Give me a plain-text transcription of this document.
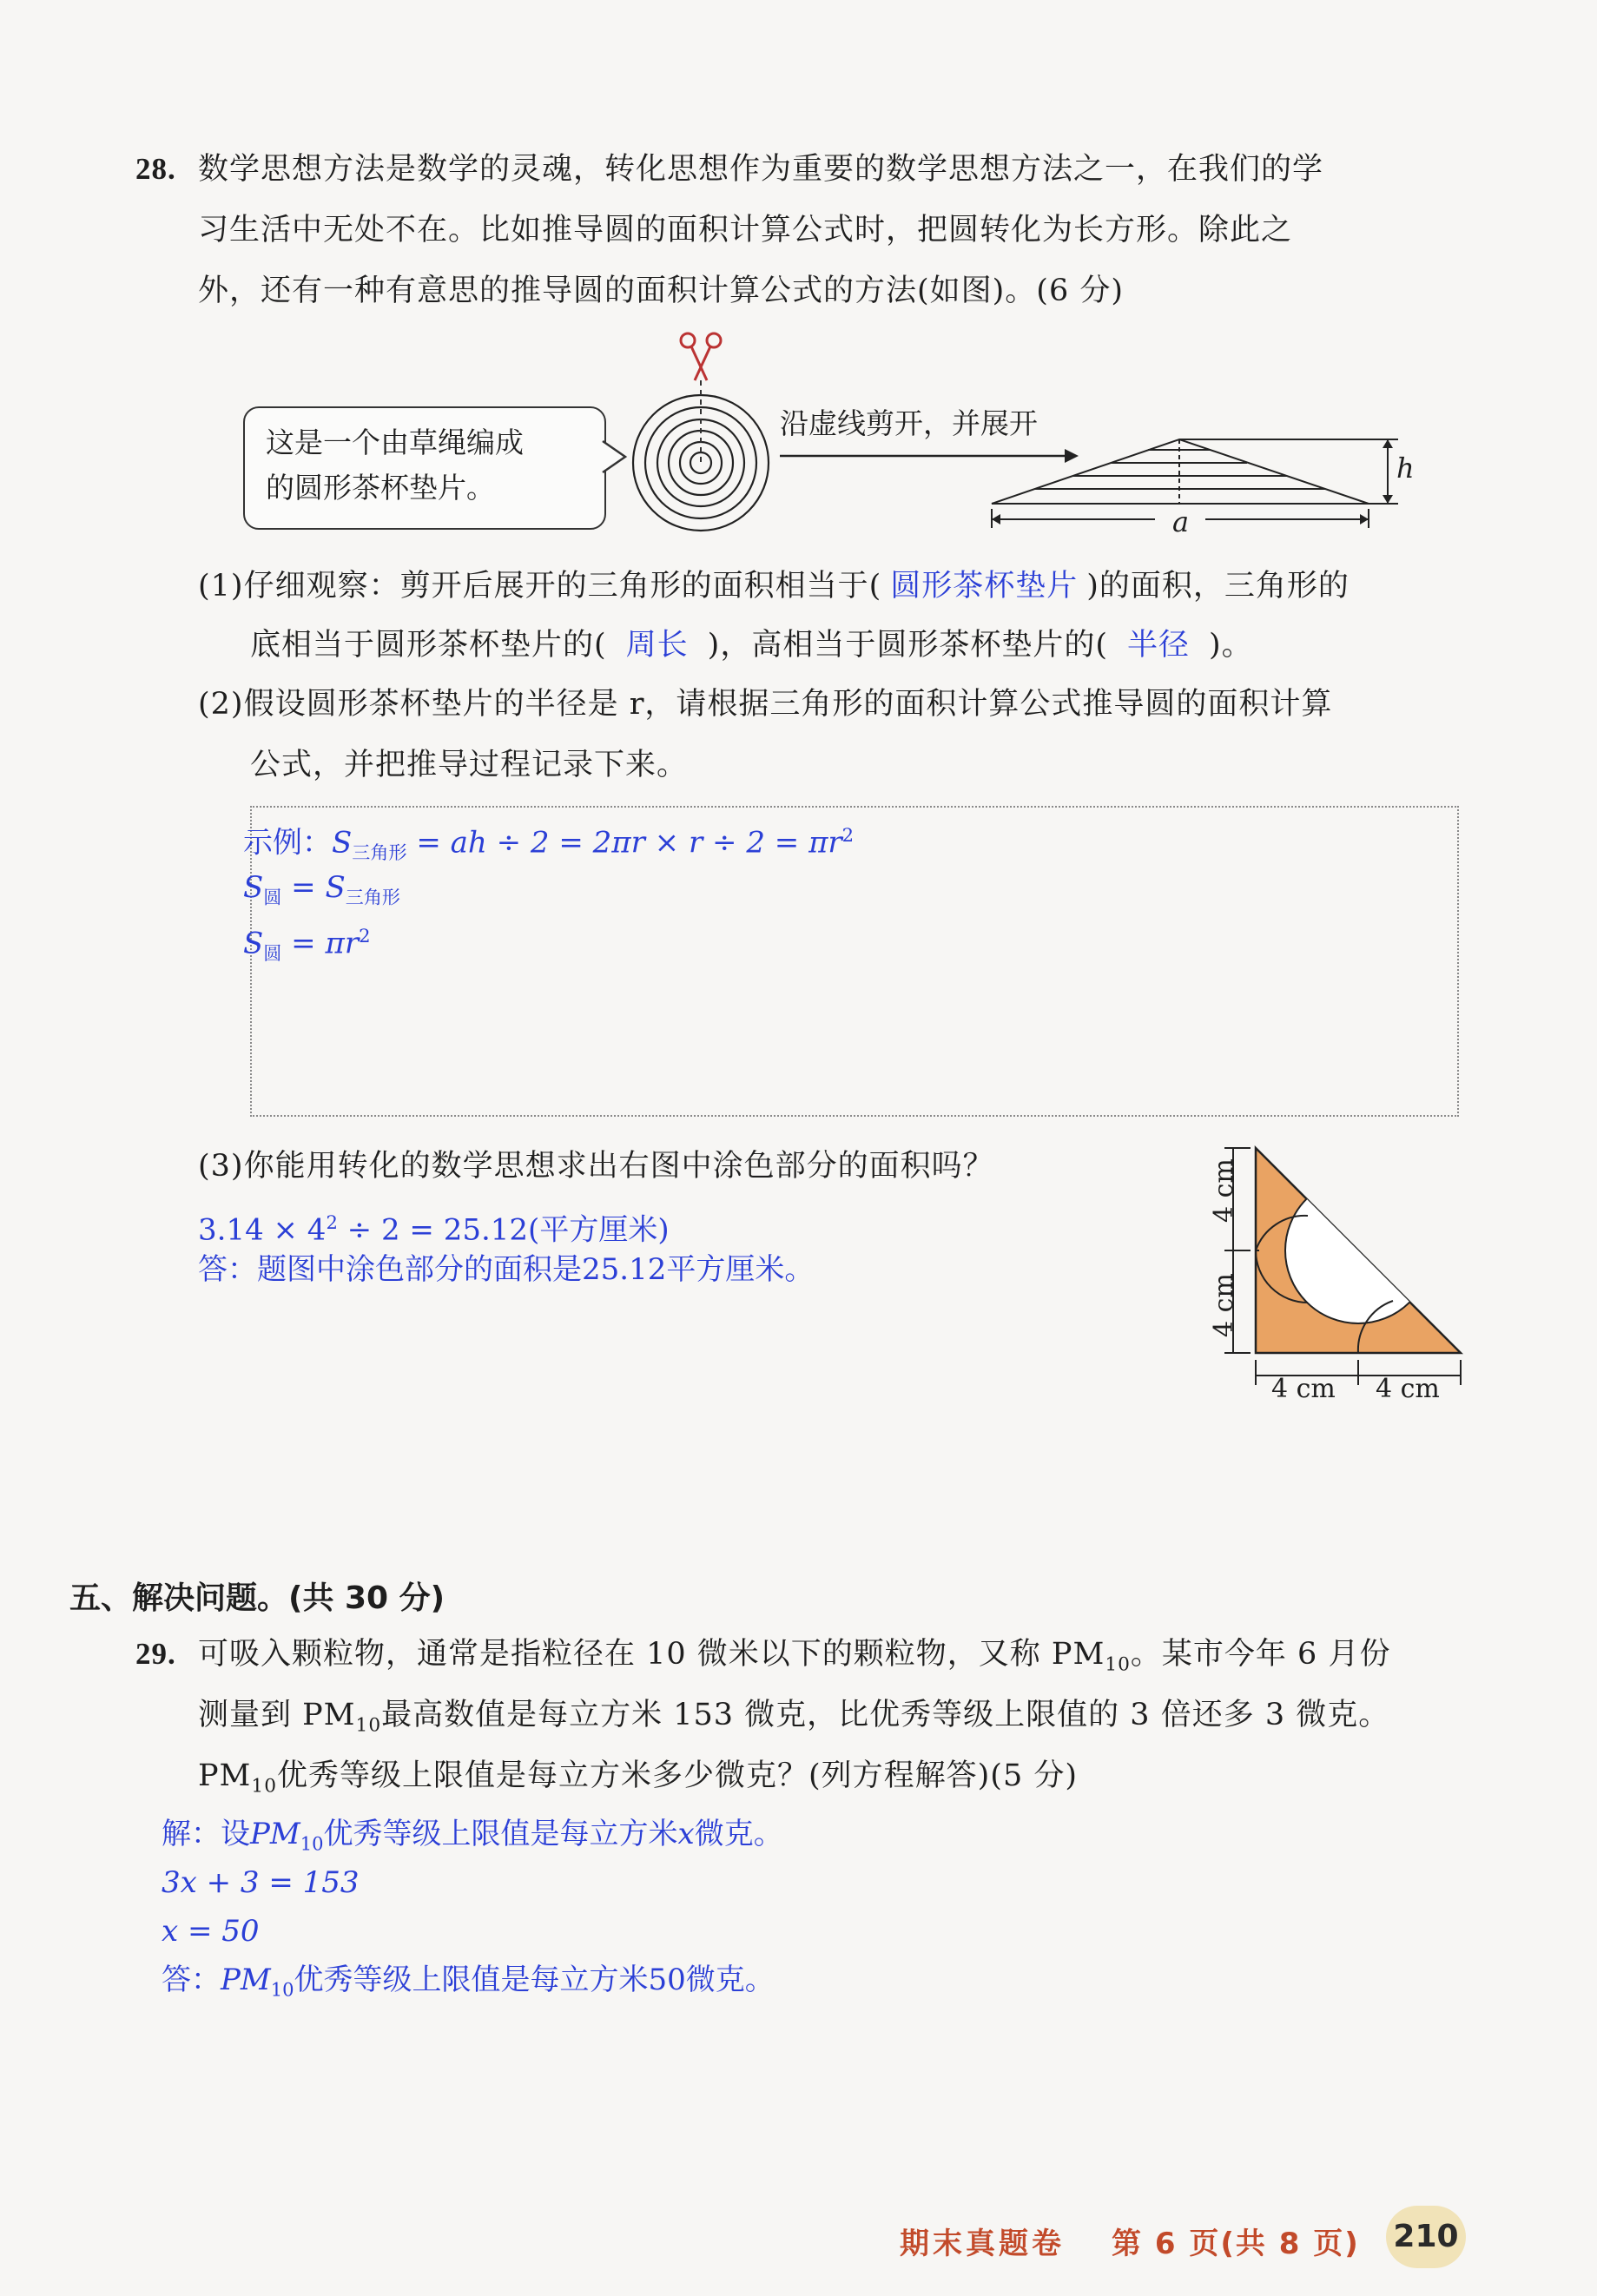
28. 数学思想方法是数学的灵魂，转化思想作为重要的数学思想方法之一，在我们的学
习生活中无处不在。比如推导圆的面积计算公式时，把圆转化为长方形。除此之
外，还有一种有意思的推导圆的面积计算公式的方法(如图)。(6 分)
这是一个由草绳编成
的圆形茶杯垫片。
沿虚线剪开，并展开
h
a
(1)仔细观察：剪开后展开的三角形的面积相当于( 圆形茶杯垫片 )的面积，三角形的
底相当于圆形茶杯垫片的( 周长 )，高相当于圆形茶杯垫片的( 半径 )。
(2)假设圆形茶杯垫片的半径是 r，请根据三角形的面积计算公式推导圆的面积计算
公式，并把推导过程记录下来。
示例：$S_{三角形}$ = ah ÷ $2 = 2\pi r \times r \div 2 = \pi r^2$
$S_圆 = S_{三角形}$
$S_圆 = \pi r^2$
(3)你能用转化的数学思想求出右图中涂色部分的面积吗？
$3.14 \times 4^2 \div 2 = 25.12$(平方厘米)
答：题图中涂色部分的面积是25.12平方厘米。
4 cm
4 cm
4 cm 4 cm
五、解决问题。(共 30 分)
29. 可吸入颗粒物，通常是指粒径在 10 微米以下的颗粒物，又称 $PM_{10}$。某市今年 6 月份
测量到 $PM_{10}$最高数值是每立方米 153 微克，比优秀等级上限值的 3 倍还多 3 微克。
$PM_{10}$优秀等级上限值是每立方米多少微克？(列方程解答)(5 分)
解：设$PM_{10}$优秀等级上限值是每立方米x微克。
3x + 3 = 153
x = 50
答：$PM_{10}$优秀等级上限值是每立方米50微克。
期末真题卷 第 6 页(共 8 页) 210
